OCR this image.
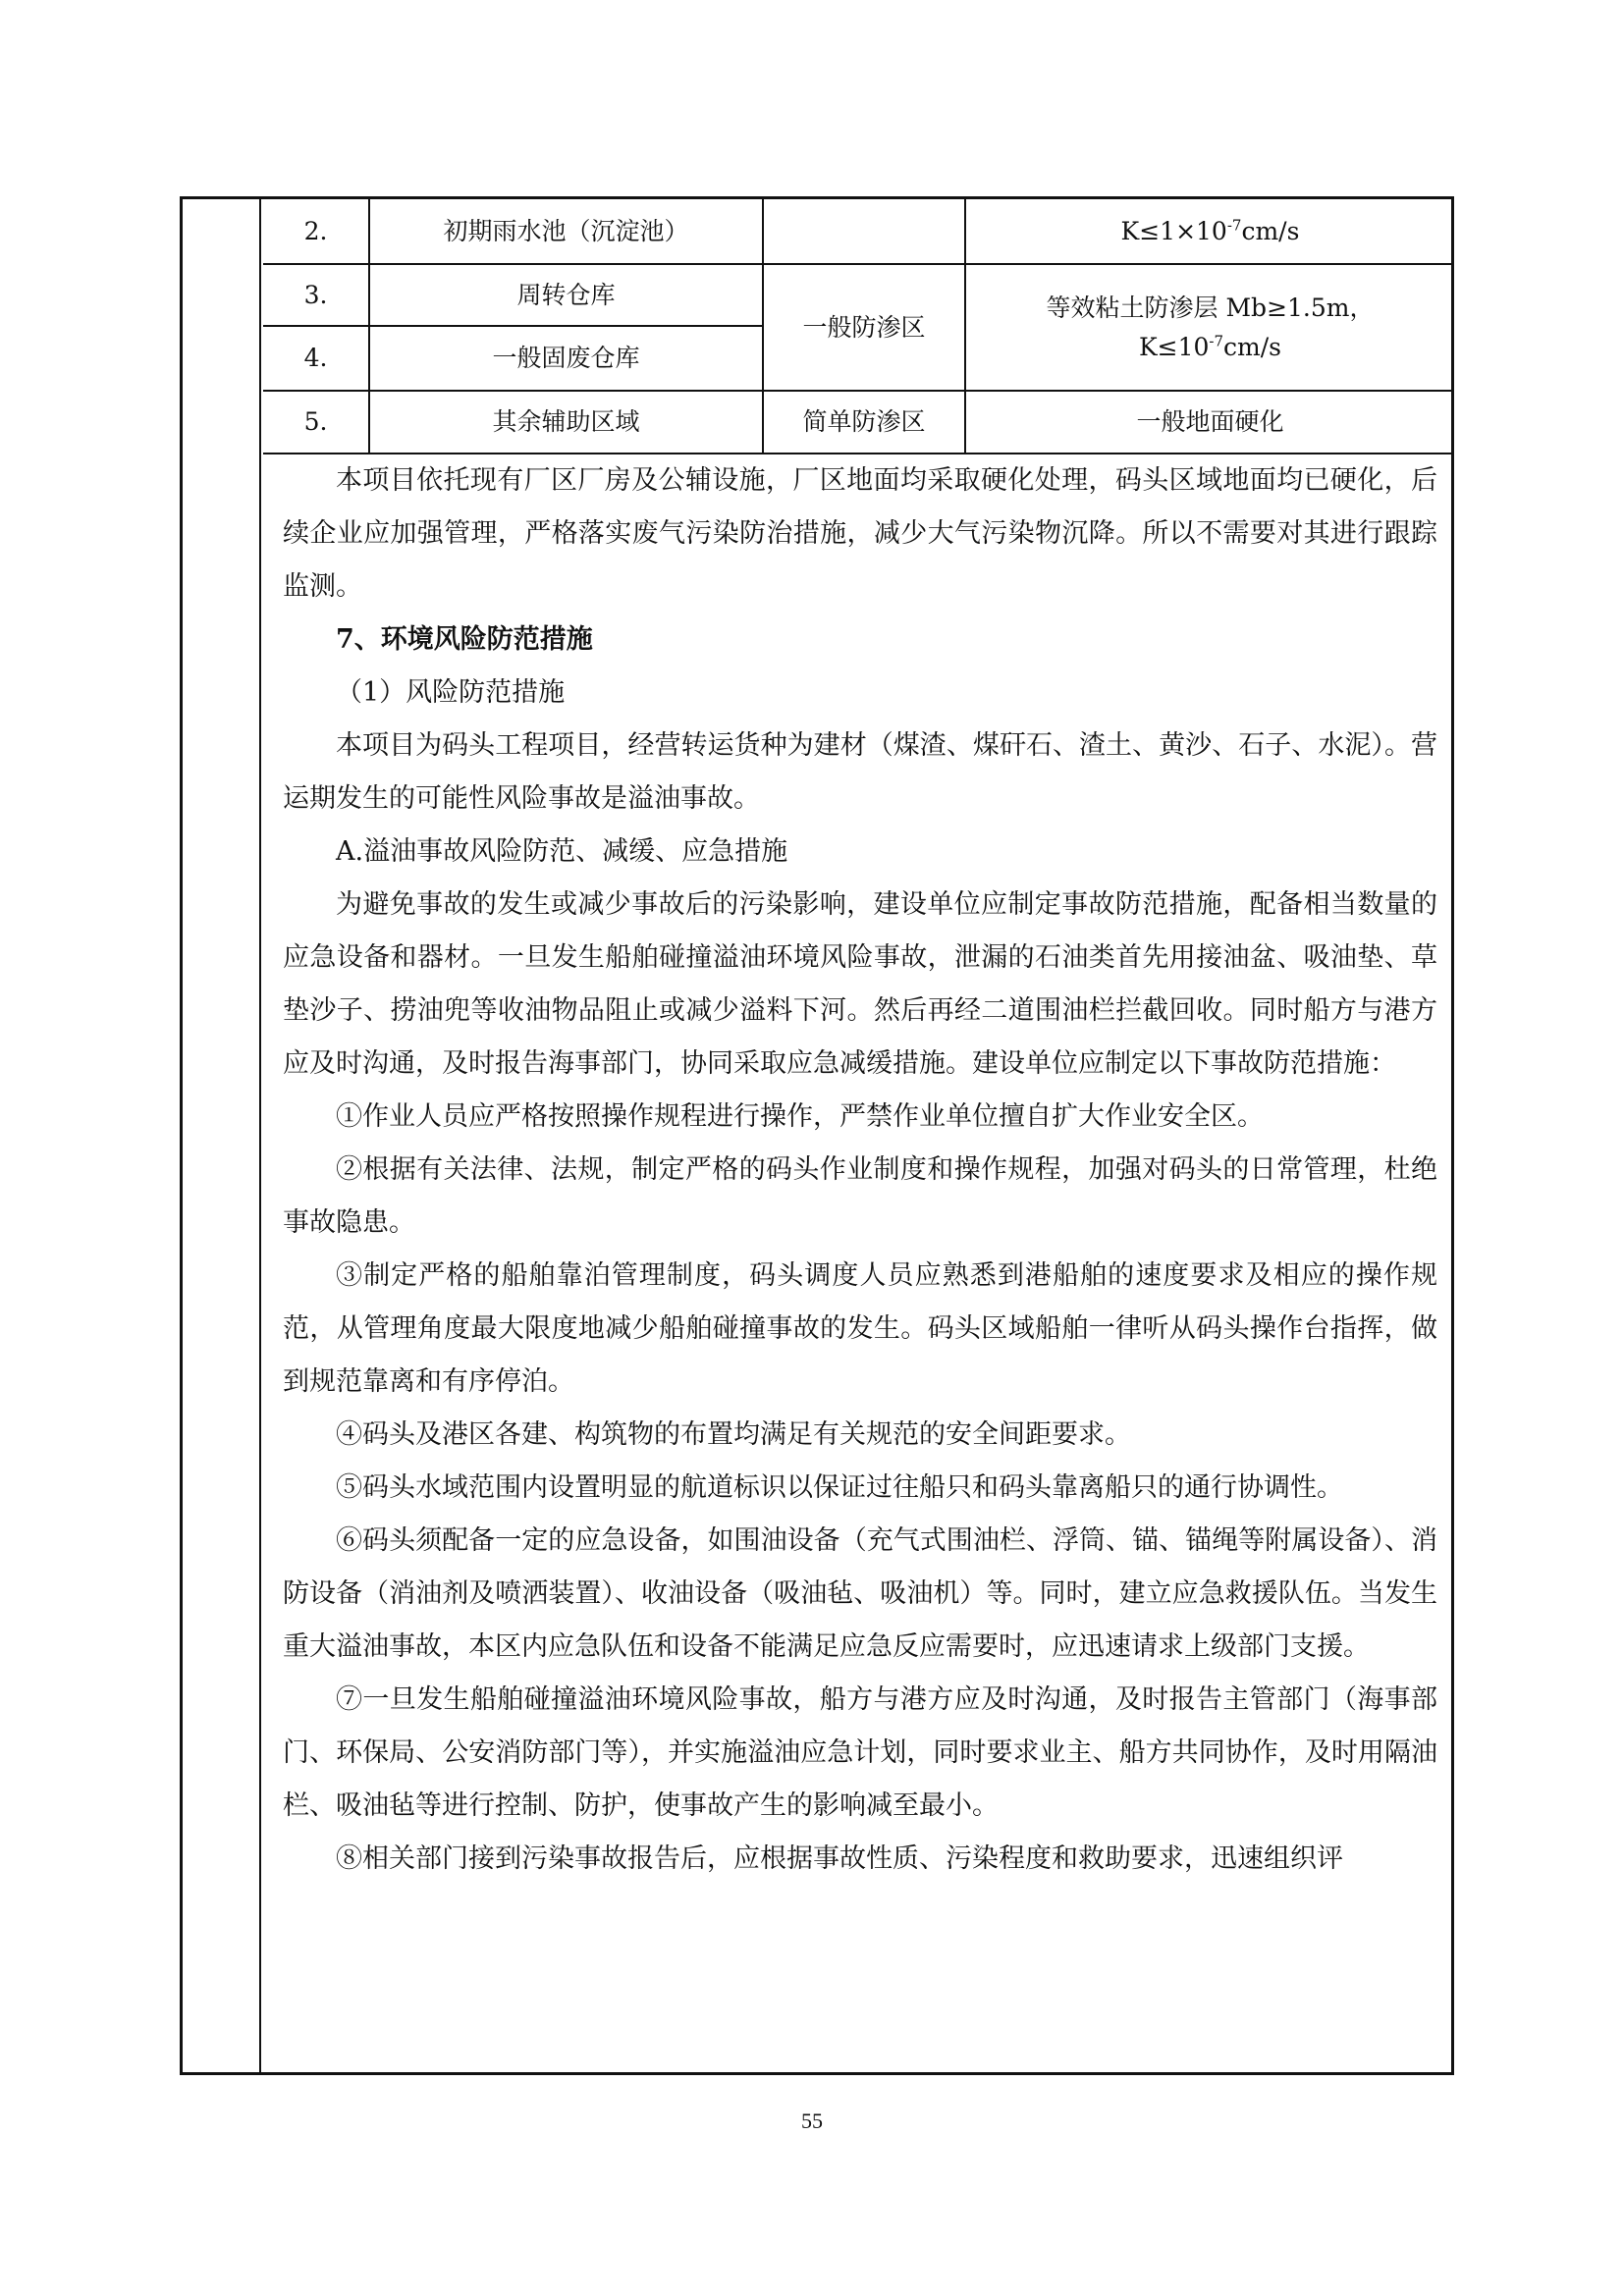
2.	初期雨水池（沉淀池）		$K\le 1\times 10^{-7}cm/s$
3.	周转仓库	一般防渗区	等效粘土防渗层 Mb≥1.5m，
$K\le 10^{-7}cm/s$

4.	一般固废仓库		
5.	其余辅助区域	简单防渗区	一般地面硬化

本项目依托现有厂区厂房及公辅设施，厂区地面均采取硬化处理，码头区域地面均已硬化，后续企业应加强管理，严格落实废气污染防治措施，减少大气污染物沉降。所以不需要对其进行跟踪监测。

7、环境风险防范措施

（1）风险防范措施

本项目为码头工程项目，经营转运货种为建材（煤渣、煤矸石、渣土、黄沙、石子、水泥）。营运期发生的可能性风险事故是溢油事故。

A.溢油事故风险防范、减缓、应急措施

为避免事故的发生或减少事故后的污染影响，建设单位应制定事故防范措施，配备相当数量的应急设备和器材。一旦发生船舶碰撞溢油环境风险事故，泄漏的石油类首先用接油盆、吸油垫、草垫沙子、捞油兜等收油物品阻止或减少溢料下河。然后再经二道围油栏拦截回收。同时船方与港方应及时沟通，及时报告海事部门，协同采取应急减缓措施。建设单位应制定以下事故防范措施：

①作业人员应严格按照操作规程进行操作，严禁作业单位擅自扩大作业安全区。

②根据有关法律、法规，制定严格的码头作业制度和操作规程，加强对码头的日常管理，杜绝事故隐患。

③制定严格的船舶靠泊管理制度，码头调度人员应熟悉到港船舶的速度要求及相应的操作规范，从管理角度最大限度地减少船舶碰撞事故的发生。码头区域船舶一律听从码头操作台指挥，做到规范靠离和有序停泊。

④码头及港区各建、构筑物的布置均满足有关规范的安全间距要求。

⑤码头水域范围内设置明显的航道标识以保证过往船只和码头靠离船只的通行协调性。

⑥码头须配备一定的应急设备，如围油设备（充气式围油栏、浮筒、锚、锚绳等附属设备）、消防设备（消油剂及喷洒装置）、收油设备（吸油毡、吸油机）等。同时，建立应急救援队伍。当发生重大溢油事故，本区内应急队伍和设备不能满足应急反应需要时，应迅速请求上级部门支援。

⑦一旦发生船舶碰撞溢油环境风险事故，船方与港方应及时沟通，及时报告主管部门（海事部门、环保局、公安消防部门等），并实施溢油应急计划，同时要求业主、船方共同协作，及时用隔油栏、吸油毡等进行控制、防护，使事故产生的影响减至最小。

⑧相关部门接到污染事故报告后，应根据事故性质、污染程度和救助要求，迅速组织评

55
